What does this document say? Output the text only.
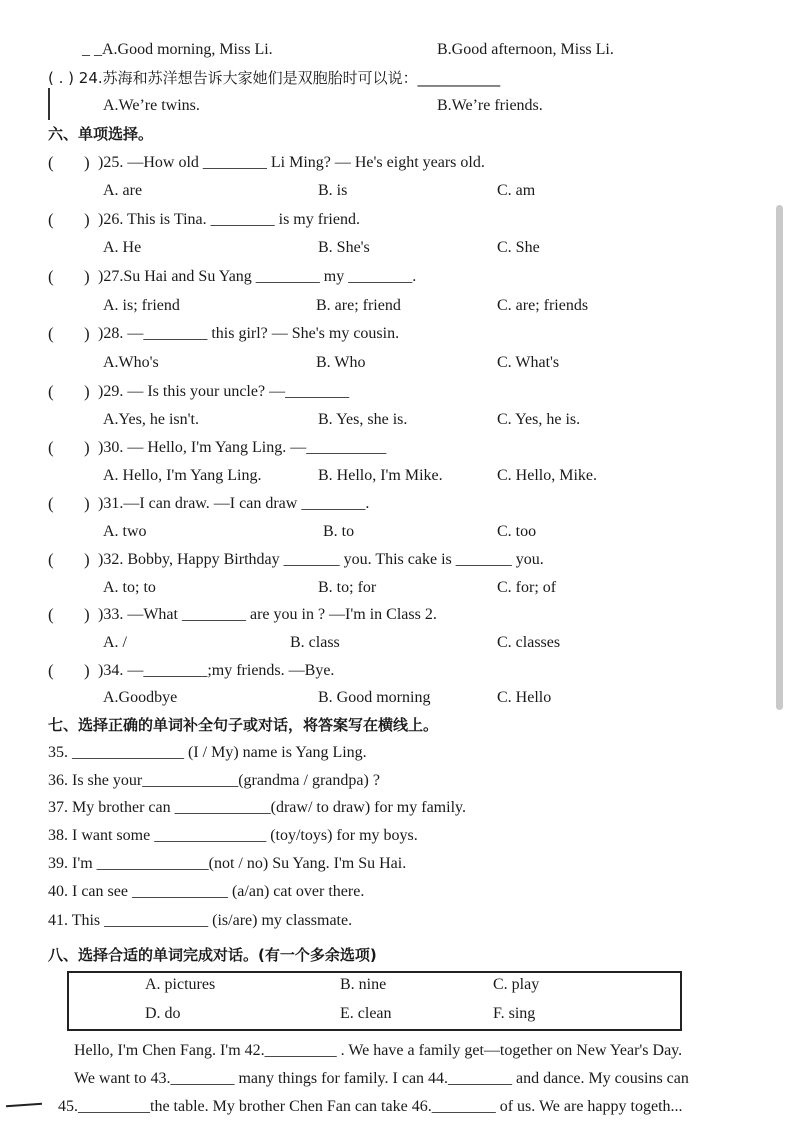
_ _A.Good morning, Miss Li.	B.Good afternoon, Miss Li.
( . ) 24.苏海和苏洋想告诉大家她们是双胞胎时可以说：___________
A.We’re twins.	B.We’re friends.
六、单项选择。
)25. —How old ________ Li Ming? — He's eight years old.
A. are	B. is	C. am
)26. This is Tina. ________ is my friend.
A. He	B. She's	C. She
)27.Su Hai and Su Yang ________ my ________.
A. is; friend	B. are; friend	C. are; friends
)28. —________ this girl? — She's my cousin.
A.Who's	B. Who	C. What's
)29. — Is this your uncle? —________
A.Yes, he isn't.	B. Yes, she is.	C. Yes, he is.
)30. — Hello, I'm Yang Ling. —__________
A. Hello, I'm Yang Ling.	B. Hello, I'm Mike.	C. Hello, Mike.
)31.—I can draw. —I can draw ________.
A. two	B. to	C. too
)32. Bobby, Happy Birthday _______ you. This cake is _______ you.
A. to; to	B. to; for	C. for; of
)33. —What ________ are you in ? —I'm in Class 2.
A. /	B. class	C. classes
)34. —________;my friends. —Bye.
A.Goodbye	B. Good morning	C. Hello
七、选择正确的单词补全句子或对话，将答案写在横线上。
35. ______________ (I / My) name is Yang Ling.
36. Is she your____________(grandma / grandpa) ?
37. My brother can ____________(draw/ to draw) for my family.
38. I want some ______________ (toy/toys) for my boys.
39. I'm ______________(not / no) Su Yang. I'm Su Hai.
40. I can see ____________ (a/an) cat over there.
41. This _____________ (is/are) my classmate.
八、选择合适的单词完成对话。(有一个多余选项)
A. pictures	B. nine	C. play
D. do	E. clean	F. sing
Hello, I'm Chen Fang. I'm 42._________ . We have a family get—together on New Year's Day.
We want to 43.________ many things for family. I can 44.________ and dance. My cousins can
45._________the table. My brother Chen Fan can take 46.________ of us. We are happy togeth...
( )
( )
( )
( )
( )
( )
( )
( )
( )
( )
